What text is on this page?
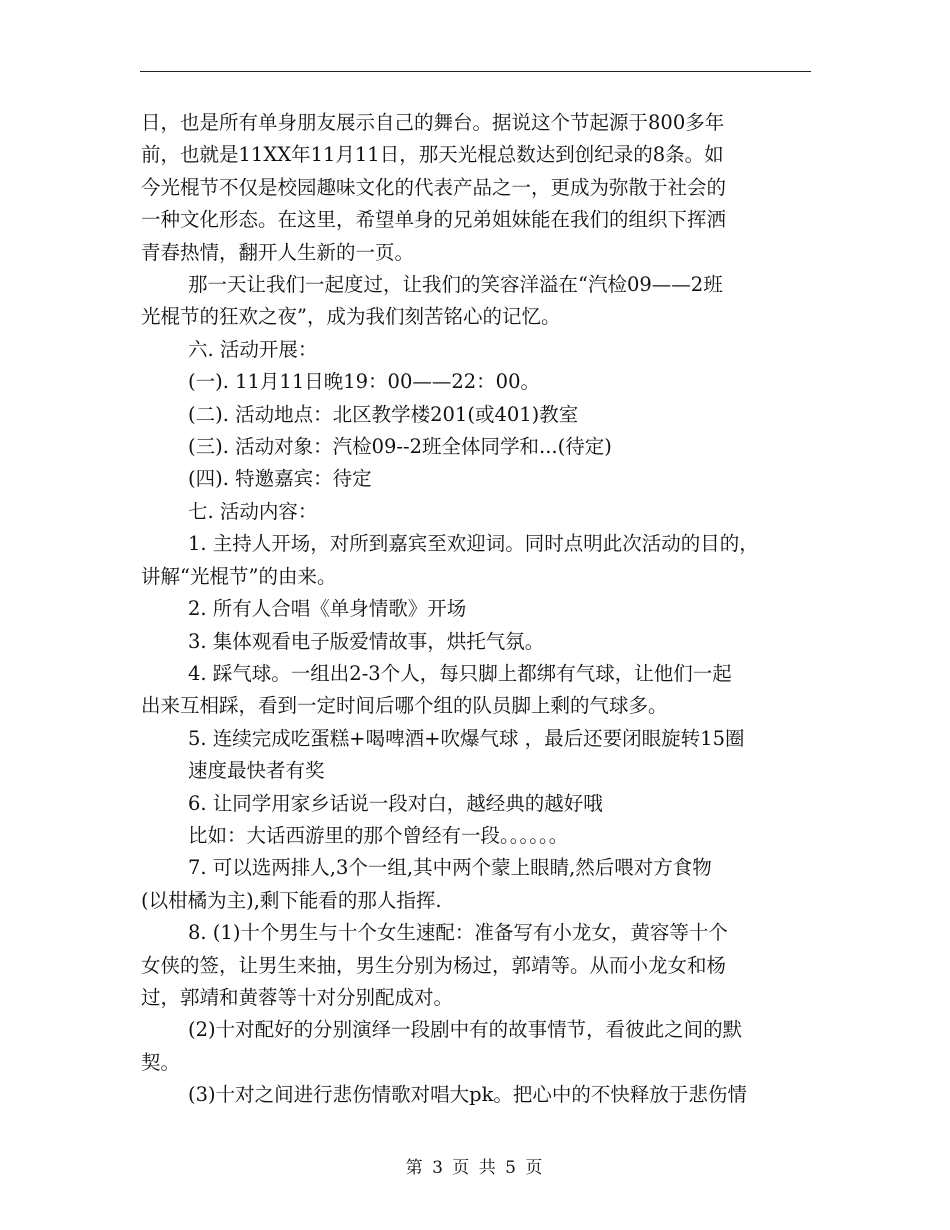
日，也是所有单身朋友展示自己的舞台。据说这个节起源于800多年

前，也就是11XX年11月11日，那天光棍总数达到创纪录的8条。如

今光棍节不仅是校园趣味文化的代表产品之一，更成为弥散于社会的

一种文化形态。在这里，希望单身的兄弟姐妹能在我们的组织下挥洒

青春热情，翻开人生新的一页。

那一天让我们一起度过，让我们的笑容洋溢在“汽检09——2班

光棍节的狂欢之夜”，成为我们刻苦铭心的记忆。

六. 活动开展：

(一). 11月11日晚19：00——22：00。

(二). 活动地点：北区教学楼201(或401)教室

(三). 活动对象：汽检09--2班全体同学和...(待定)

(四). 特邀嘉宾：待定

七. 活动内容：

1. 主持人开场，对所到嘉宾至欢迎词。同时点明此次活动的目的，

讲解“光棍节”的由来。

2. 所有人合唱《单身情歌》开场

3. 集体观看电子版爱情故事，烘托气氛。

4. 踩气球。一组出2-3个人，每只脚上都绑有气球，让他们一起

出来互相踩，看到一定时间后哪个组的队员脚上剩的气球多。

5. 连续完成吃蛋糕+喝啤酒+吹爆气球 ，最后还要闭眼旋转15圈

速度最快者有奖

6. 让同学用家乡话说一段对白，越经典的越好哦

比如：大话西游里的那个曾经有一段。。。。。。

7. 可以选两排人,3个一组,其中两个蒙上眼睛,然后喂对方食物

(以柑橘为主),剩下能看的那人指挥.

8. (1)十个男生与十个女生速配：准备写有小龙女，黄容等十个

女侠的签，让男生来抽，男生分别为杨过，郭靖等。从而小龙女和杨

过，郭靖和黄蓉等十对分别配成对。

(2)十对配好的分别演绎一段剧中有的故事情节，看彼此之间的默

契。

(3)十对之间进行悲伤情歌对唱大pk。把心中的不快释放于悲伤情

第 3 页 共 5 页
